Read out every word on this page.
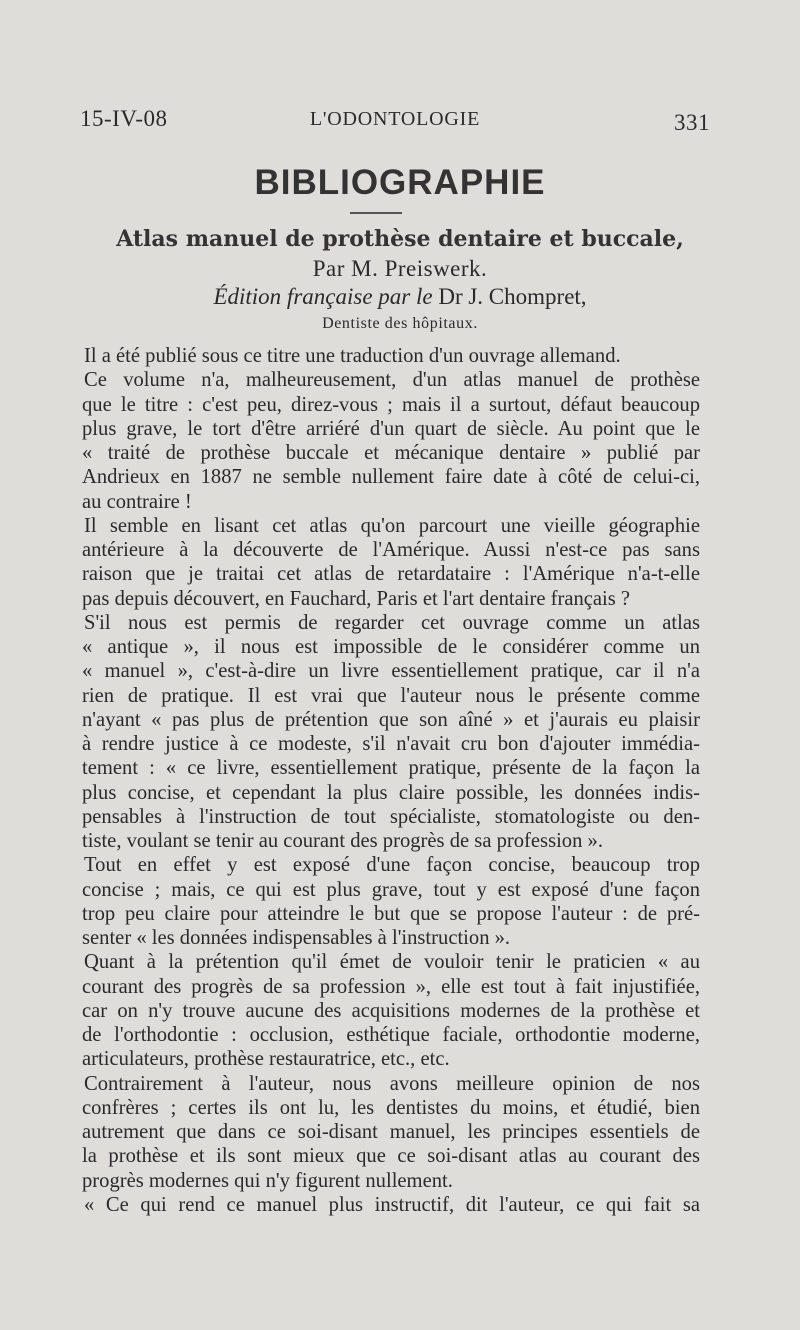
15-IV-08	L'ODONTOLOGIE	331
BIBLIOGRAPHIE
Atlas manuel de prothèse dentaire et buccale,
Par M. Preiswerk.
Édition française par le Dr J. Chompret,
Dentiste des hôpitaux.
Il a été publié sous ce titre une traduction d'un ouvrage allemand.
Ce volume n'a, malheureusement, d'un atlas manuel de prothèse
que le titre : c'est peu, direz-vous ; mais il a surtout, défaut beaucoup
plus grave, le tort d'être arriéré d'un quart de siècle. Au point que le
« traité de prothèse buccale et mécanique dentaire » publié par
Andrieux en 1887 ne semble nullement faire date à côté de celui-ci,
au contraire !
Il semble en lisant cet atlas qu'on parcourt une vieille géographie
antérieure à la découverte de l'Amérique. Aussi n'est-ce pas sans
raison que je traitai cet atlas de retardataire : l'Amérique n'a-t-elle
pas depuis découvert, en Fauchard, Paris et l'art dentaire français ?
S'il nous est permis de regarder cet ouvrage comme un atlas
« antique », il nous est impossible de le considérer comme un
« manuel », c'est-à-dire un livre essentiellement pratique, car il n'a
rien de pratique. Il est vrai que l'auteur nous le présente comme
n'ayant « pas plus de prétention que son aîné » et j'aurais eu plaisir
à rendre justice à ce modeste, s'il n'avait cru bon d'ajouter immédia-
tement : « ce livre, essentiellement pratique, présente de la façon la
plus concise, et cependant la plus claire possible, les données indis-
pensables à l'instruction de tout spécialiste, stomatologiste ou den-
tiste, voulant se tenir au courant des progrès de sa profession ».
Tout en effet y est exposé d'une façon concise, beaucoup trop
concise ; mais, ce qui est plus grave, tout y est exposé d'une façon
trop peu claire pour atteindre le but que se propose l'auteur : de pré-
senter « les données indispensables à l'instruction ».
Quant à la prétention qu'il émet de vouloir tenir le praticien « au
courant des progrès de sa profession », elle est tout à fait injustifiée,
car on n'y trouve aucune des acquisitions modernes de la prothèse et
de l'orthodontie : occlusion, esthétique faciale, orthodontie moderne,
articulateurs, prothèse restauratrice, etc., etc.
Contrairement à l'auteur, nous avons meilleure opinion de nos
confrères ; certes ils ont lu, les dentistes du moins, et étudié, bien
autrement que dans ce soi-disant manuel, les principes essentiels de
la prothèse et ils sont mieux que ce soi-disant atlas au courant des
progrès modernes qui n'y figurent nullement.
« Ce qui rend ce manuel plus instructif, dit l'auteur, ce qui fait sa
